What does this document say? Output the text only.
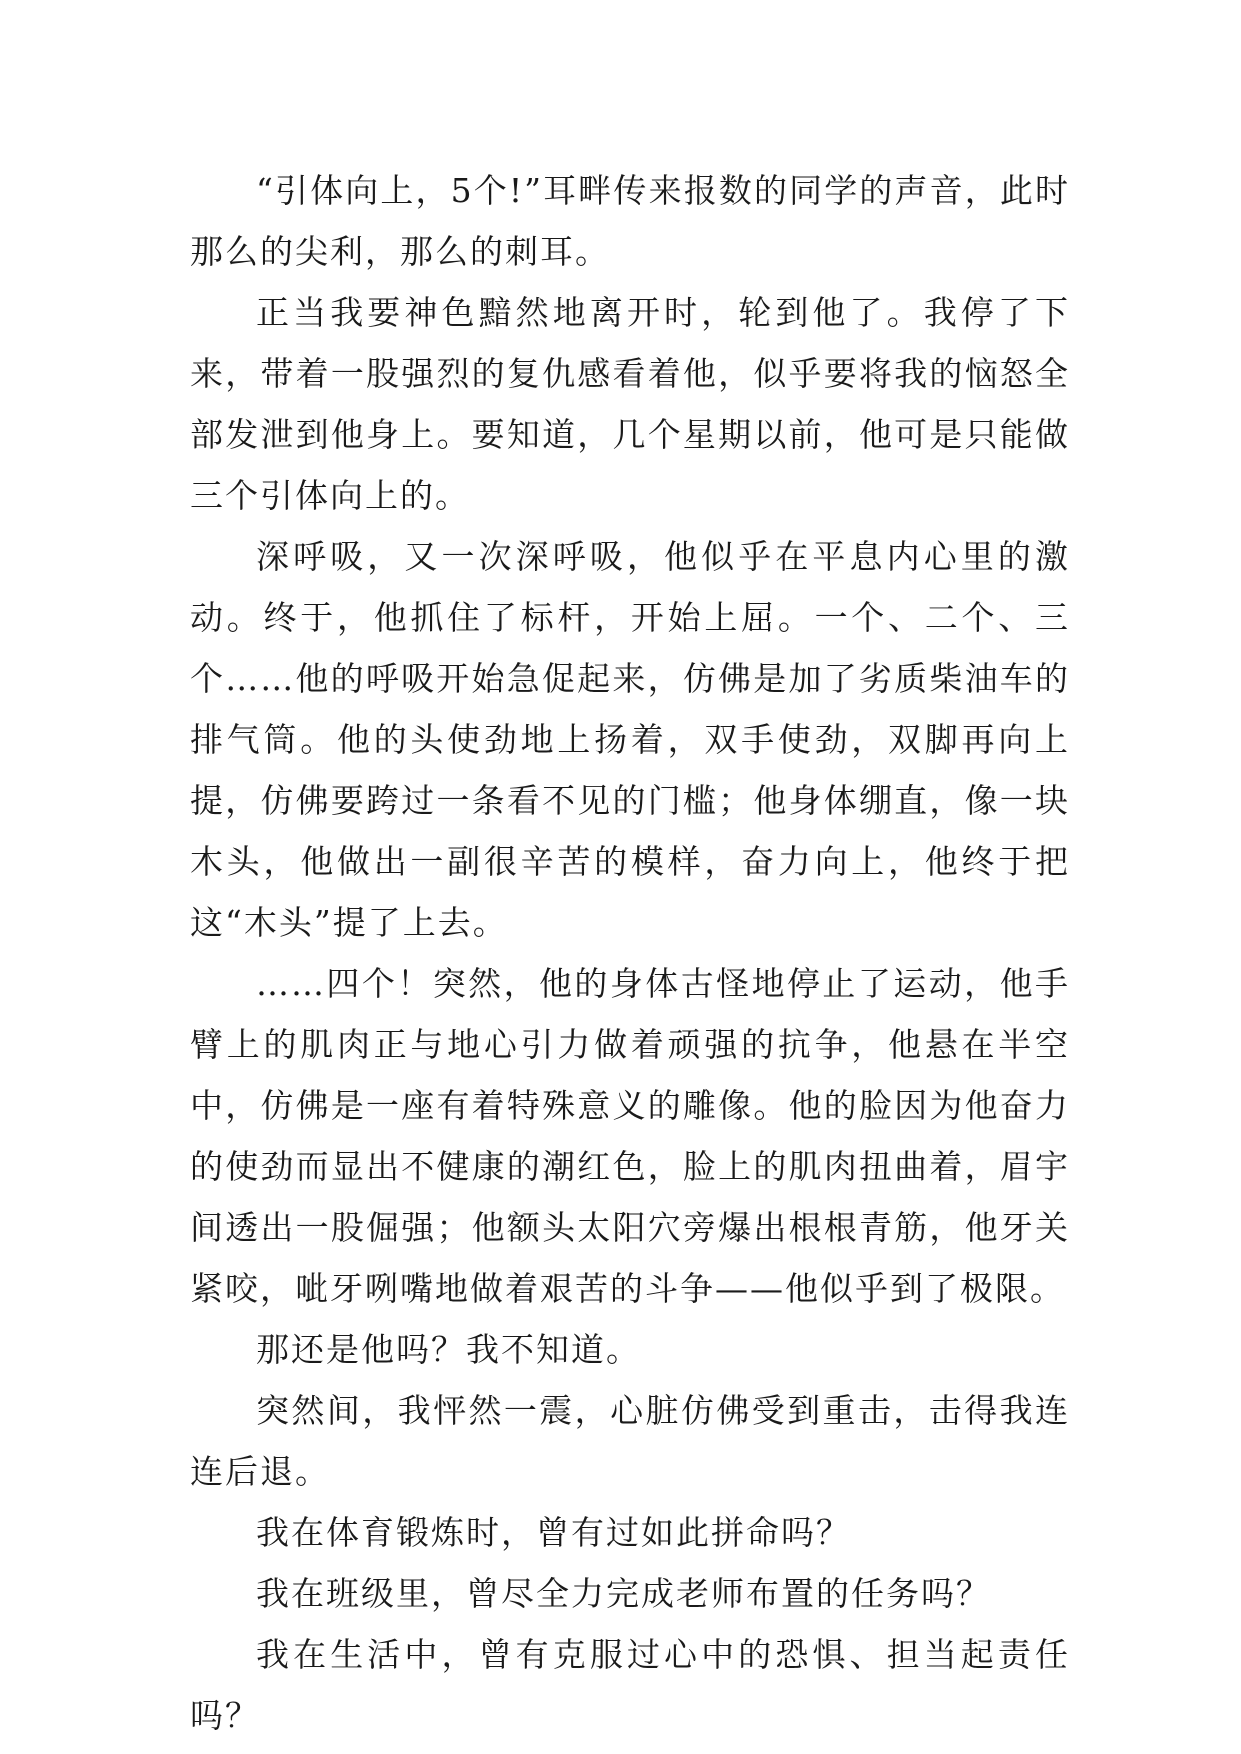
“引体向上，5个!”耳畔传来报数的同学的声音，此时那么的尖利，那么的刺耳。

正当我要神色黯然地离开时，轮到他了。我停了下来，带着一股强烈的复仇感看着他，似乎要将我的恼怒全部发泄到他身上。要知道，几个星期以前，他可是只能做三个引体向上的。

深呼吸，又一次深呼吸，他似乎在平息内心里的激动。终于，他抓住了标杆，开始上屈。一个、二个、三个……他的呼吸开始急促起来，仿佛是加了劣质柴油车的排气筒。他的头使劲地上扬着，双手使劲，双脚再向上提，仿佛要跨过一条看不见的门槛；他身体绷直，像一块木头，他做出一副很辛苦的模样，奋力向上，他终于把这“木头”提了上去。

……四个！突然，他的身体古怪地停止了运动，他手臂上的肌肉正与地心引力做着顽强的抗争，他悬在半空中，仿佛是一座有着特殊意义的雕像。他的脸因为他奋力的使劲而显出不健康的潮红色，脸上的肌肉扭曲着，眉宇间透出一股倔强；他额头太阳穴旁爆出根根青筋，他牙关紧咬，呲牙咧嘴地做着艰苦的斗争——他似乎到了极限。

那还是他吗？我不知道。

突然间，我怦然一震，心脏仿佛受到重击，击得我连连后退。

我在体育锻炼时，曾有过如此拼命吗？

我在班级里，曾尽全力完成老师布置的任务吗？

我在生活中，曾有克服过心中的恐惧、担当起责任吗？
